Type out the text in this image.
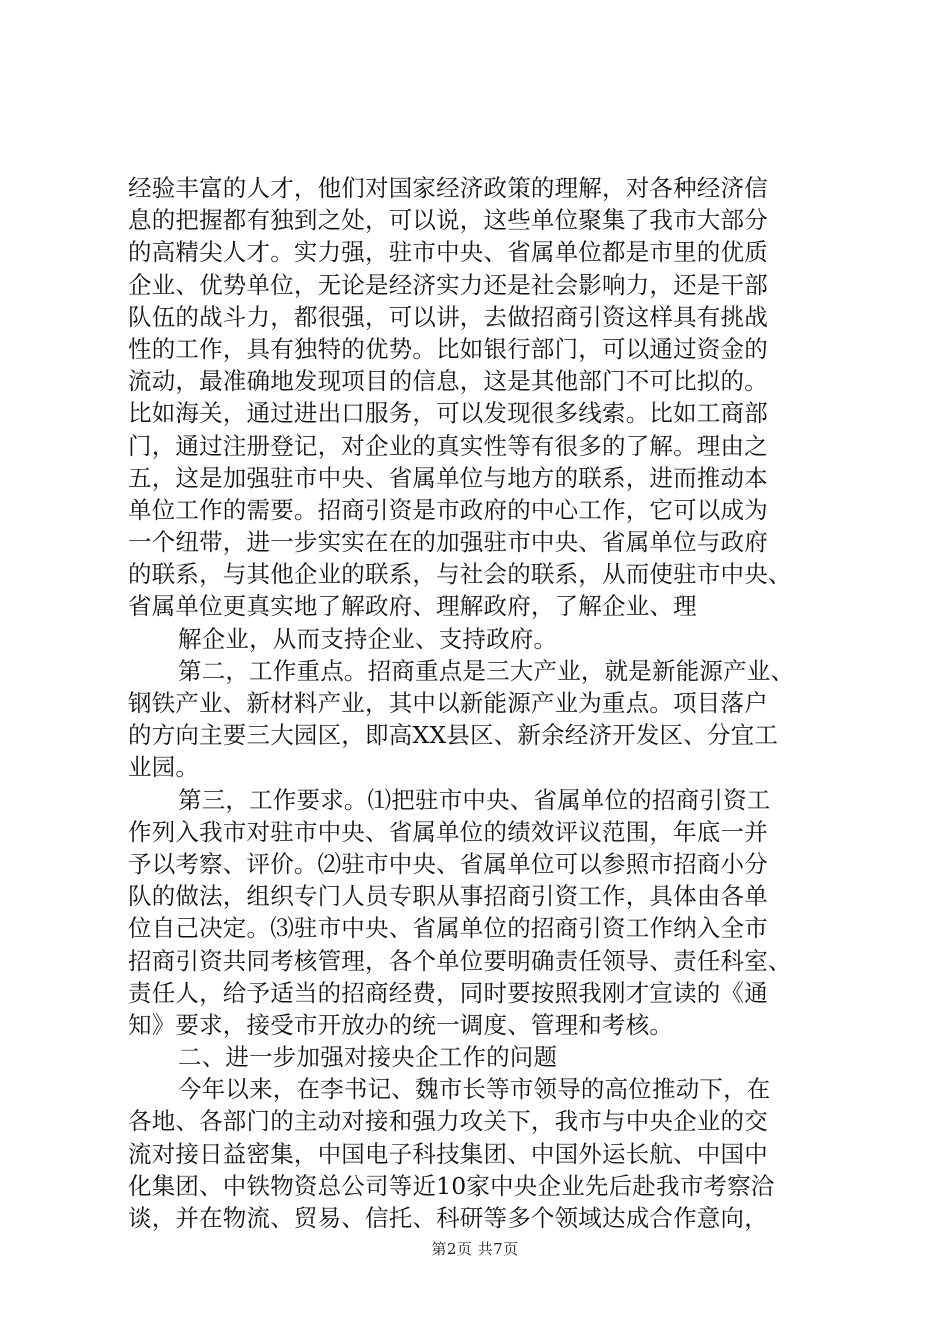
经验丰富的人才，他们对国家经济政策的理解，对各种经济信
息的把握都有独到之处，可以说，这些单位聚集了我市大部分
的高精尖人才。实力强，驻市中央、省属单位都是市里的优质
企业、优势单位，无论是经济实力还是社会影响力，还是干部
队伍的战斗力，都很强，可以讲，去做招商引资这样具有挑战
性的工作，具有独特的优势。比如银行部门，可以通过资金的
流动，最准确地发现项目的信息，这是其他部门不可比拟的。
比如海关，通过进出口服务，可以发现很多线索。比如工商部
门，通过注册登记，对企业的真实性等有很多的了解。理由之
五，这是加强驻市中央、省属单位与地方的联系，进而推动本
单位工作的需要。招商引资是市政府的中心工作，它可以成为
一个纽带，进一步实实在在的加强驻市中央、省属单位与政府
的联系，与其他企业的联系，与社会的联系，从而使驻市中央、
省属单位更真实地了解政府、理解政府，了解企业、理
解企业，从而支持企业、支持政府。
第二，工作重点。招商重点是三大产业，就是新能源产业、
钢铁产业、新材料产业，其中以新能源产业为重点。项目落户
的方向主要三大园区，即高XX县区、新余经济开发区、分宜工
业园。
第三，工作要求。⑴把驻市中央、省属单位的招商引资工
作列入我市对驻市中央、省属单位的绩效评议范围，年底一并
予以考察、评价。⑵驻市中央、省属单位可以参照市招商小分
队的做法，组织专门人员专职从事招商引资工作，具体由各单
位自己决定。⑶驻市中央、省属单位的招商引资工作纳入全市
招商引资共同考核管理，各个单位要明确责任领导、责任科室、
责任人，给予适当的招商经费，同时要按照我刚才宣读的《通
知》要求，接受市开放办的统一调度、管理和考核。
二、进一步加强对接央企工作的问题
今年以来，在李书记、魏市长等市领导的高位推动下，在
各地、各部门的主动对接和强力攻关下，我市与中央企业的交
流对接日益密集，中国电子科技集团、中国外运长航、中国中
化集团、中铁物资总公司等近10家中央企业先后赴我市考察洽
谈，并在物流、贸易、信托、科研等多个领域达成合作意向，
第2页 共7页
